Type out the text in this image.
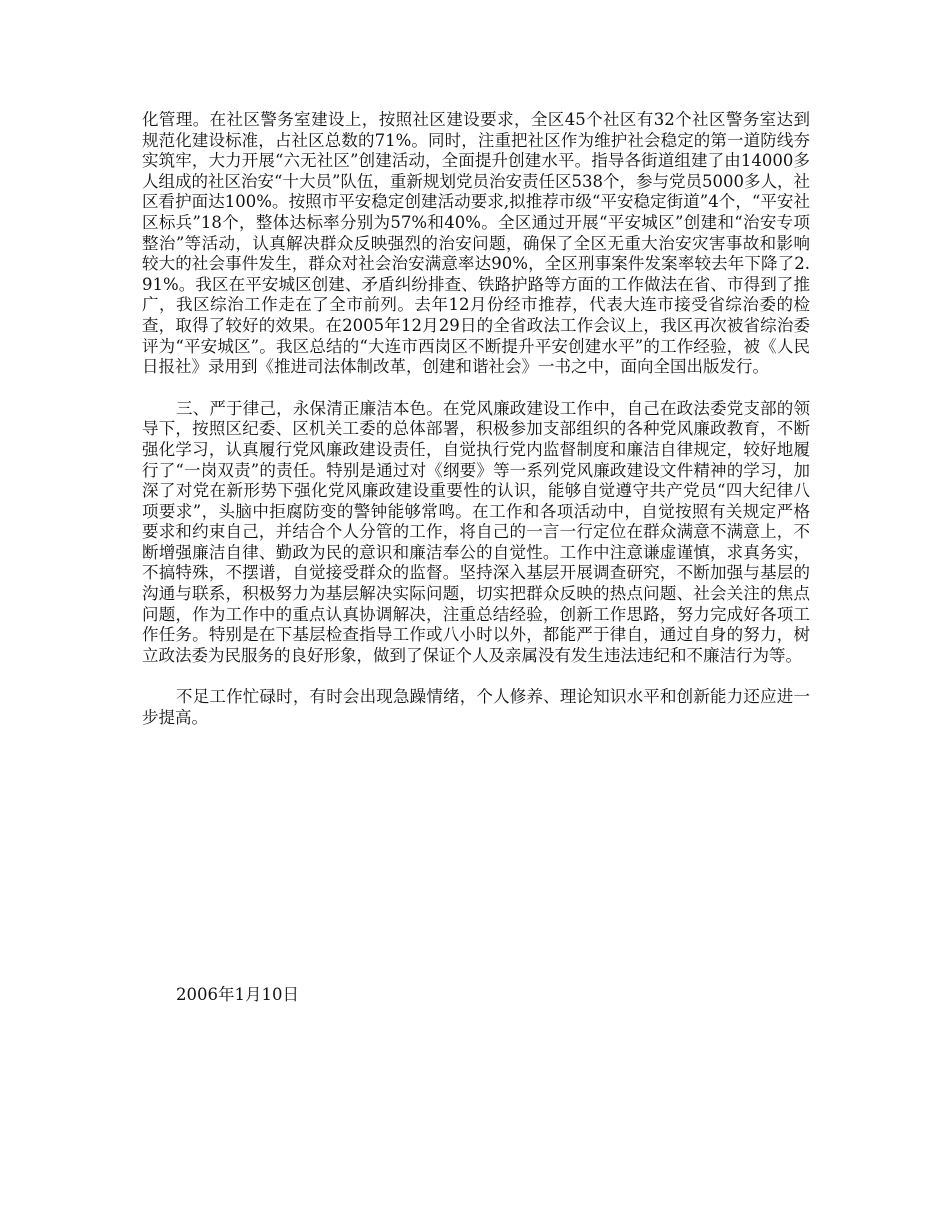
化管理。在社区警务室建设上，按照社区建设要求，全区45个社区有32个社区警务室达到规范化建设标准，占社区总数的71%。同时，注重把社区作为维护社会稳定的第一道防线夯实筑牢，大力开展“六无社区”创建活动，全面提升创建水平。指导各街道组建了由14000多人组成的社区治安“十大员”队伍，重新规划党员治安责任区538个，参与党员5000多人，社区看护面达100%。按照市平安稳定创建活动要求,拟推荐市级“平安稳定街道”4个，“平安社区标兵”18个，整体达标率分别为57%和40%。全区通过开展“平安城区”创建和“治安专项整治”等活动，认真解决群众反映强烈的治安问题，确保了全区无重大治安灾害事故和影响较大的社会事件发生，群众对社会治安满意率达90%，全区刑事案件发案率较去年下降了2.91%。我区在平安城区创建、矛盾纠纷排查、铁路护路等方面的工作做法在省、市得到了推广，我区综治工作走在了全市前列。去年12月份经市推荐，代表大连市接受省综治委的检查，取得了较好的效果。在2005年12月29日的全省政法工作会议上，我区再次被省综治委评为“平安城区”。我区总结的“大连市西岗区不断提升平安创建水平”的工作经验，被《人民日报社》录用到《推进司法体制改革，创建和谐社会》一书之中，面向全国出版发行。

三、严于律己，永保清正廉洁本色。在党风廉政建设工作中，自己在政法委党支部的领导下，按照区纪委、区机关工委的总体部署，积极参加支部组织的各种党风廉政教育，不断强化学习，认真履行党风廉政建设责任，自觉执行党内监督制度和廉洁自律规定，较好地履行了“一岗双责”的责任。特别是通过对《纲要》等一系列党风廉政建设文件精神的学习，加深了对党在新形势下强化党风廉政建设重要性的认识，能够自觉遵守共产党员“四大纪律八项要求”，头脑中拒腐防变的警钟能够常鸣。在工作和各项活动中，自觉按照有关规定严格要求和约束自己，并结合个人分管的工作，将自己的一言一行定位在群众满意不满意上，不断增强廉洁自律、勤政为民的意识和廉洁奉公的自觉性。工作中注意谦虚谨慎，求真务实，不搞特殊，不摆谱，自觉接受群众的监督。坚持深入基层开展调查研究，不断加强与基层的沟通与联系，积极努力为基层解决实际问题，切实把群众反映的热点问题、社会关注的焦点问题，作为工作中的重点认真协调解决，注重总结经验，创新工作思路，努力完成好各项工作任务。特别是在下基层检查指导工作或八小时以外，都能严于律自，通过自身的努力，树立政法委为民服务的良好形象，做到了保证个人及亲属没有发生违法违纪和不廉洁行为等。

不足工作忙碌时，有时会出现急躁情绪，个人修养、理论知识水平和创新能力还应进一步提高。

2006年1月10日
